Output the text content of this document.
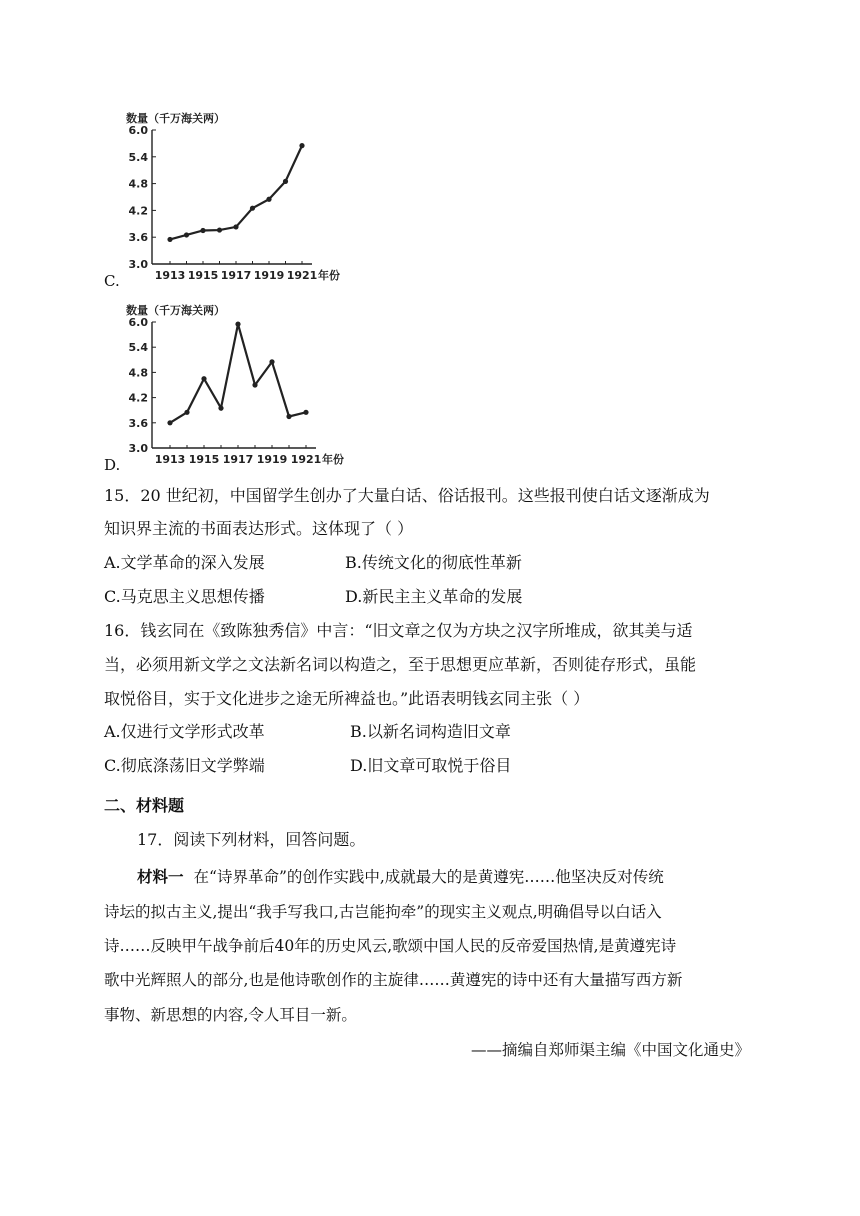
C.
数量（千万海关两）
6.0
5.4
4.8
4.2
3.6
3.0
1913 1915 1917 1919 1921 年份
D.
数量（千万海关两）
6.0
5.4
4.8
4.2
3.6
3.0
1913 1915 1917 1919 1921 年份
15．20 世纪初，中国留学生创办了大量白话、俗话报刊。这些报刊使白话文逐渐成为
知识界主流的书面表达形式。这体现了（ ）
A.文学革命的深入发展	B.传统文化的彻底性革新
C.马克思主义思想传播	D.新民主主义革命的发展
16．钱玄同在《致陈独秀信》中言：“旧文章之仅为方块之汉字所堆成，欲其美与适
当，必须用新文学之文法新名词以构造之，至于思想更应革新，否则徒存形式，虽能
取悦俗目，实于文化进步之途无所裨益也。”此语表明钱玄同主张（ ）
A.仅进行文学形式改革	B.以新名词构造旧文章
C.彻底涤荡旧文学弊端	D.旧文章可取悦于俗目
二、材料题
17．阅读下列材料，回答问题。
材料一 在“诗界革命”的创作实践中,成就最大的是黄遵宪……他坚决反对传统
诗坛的拟古主义,提出“我手写我口,古岂能拘牵”的现实主义观点,明确倡导以白话入
诗……反映甲午战争前后40年的历史风云,歌颂中国人民的反帝爱国热情,是黄遵宪诗
歌中光辉照人的部分,也是他诗歌创作的主旋律……黄遵宪的诗中还有大量描写西方新
事物、新思想的内容,令人耳目一新。
——摘编自郑师渠主编《中国文化通史》
